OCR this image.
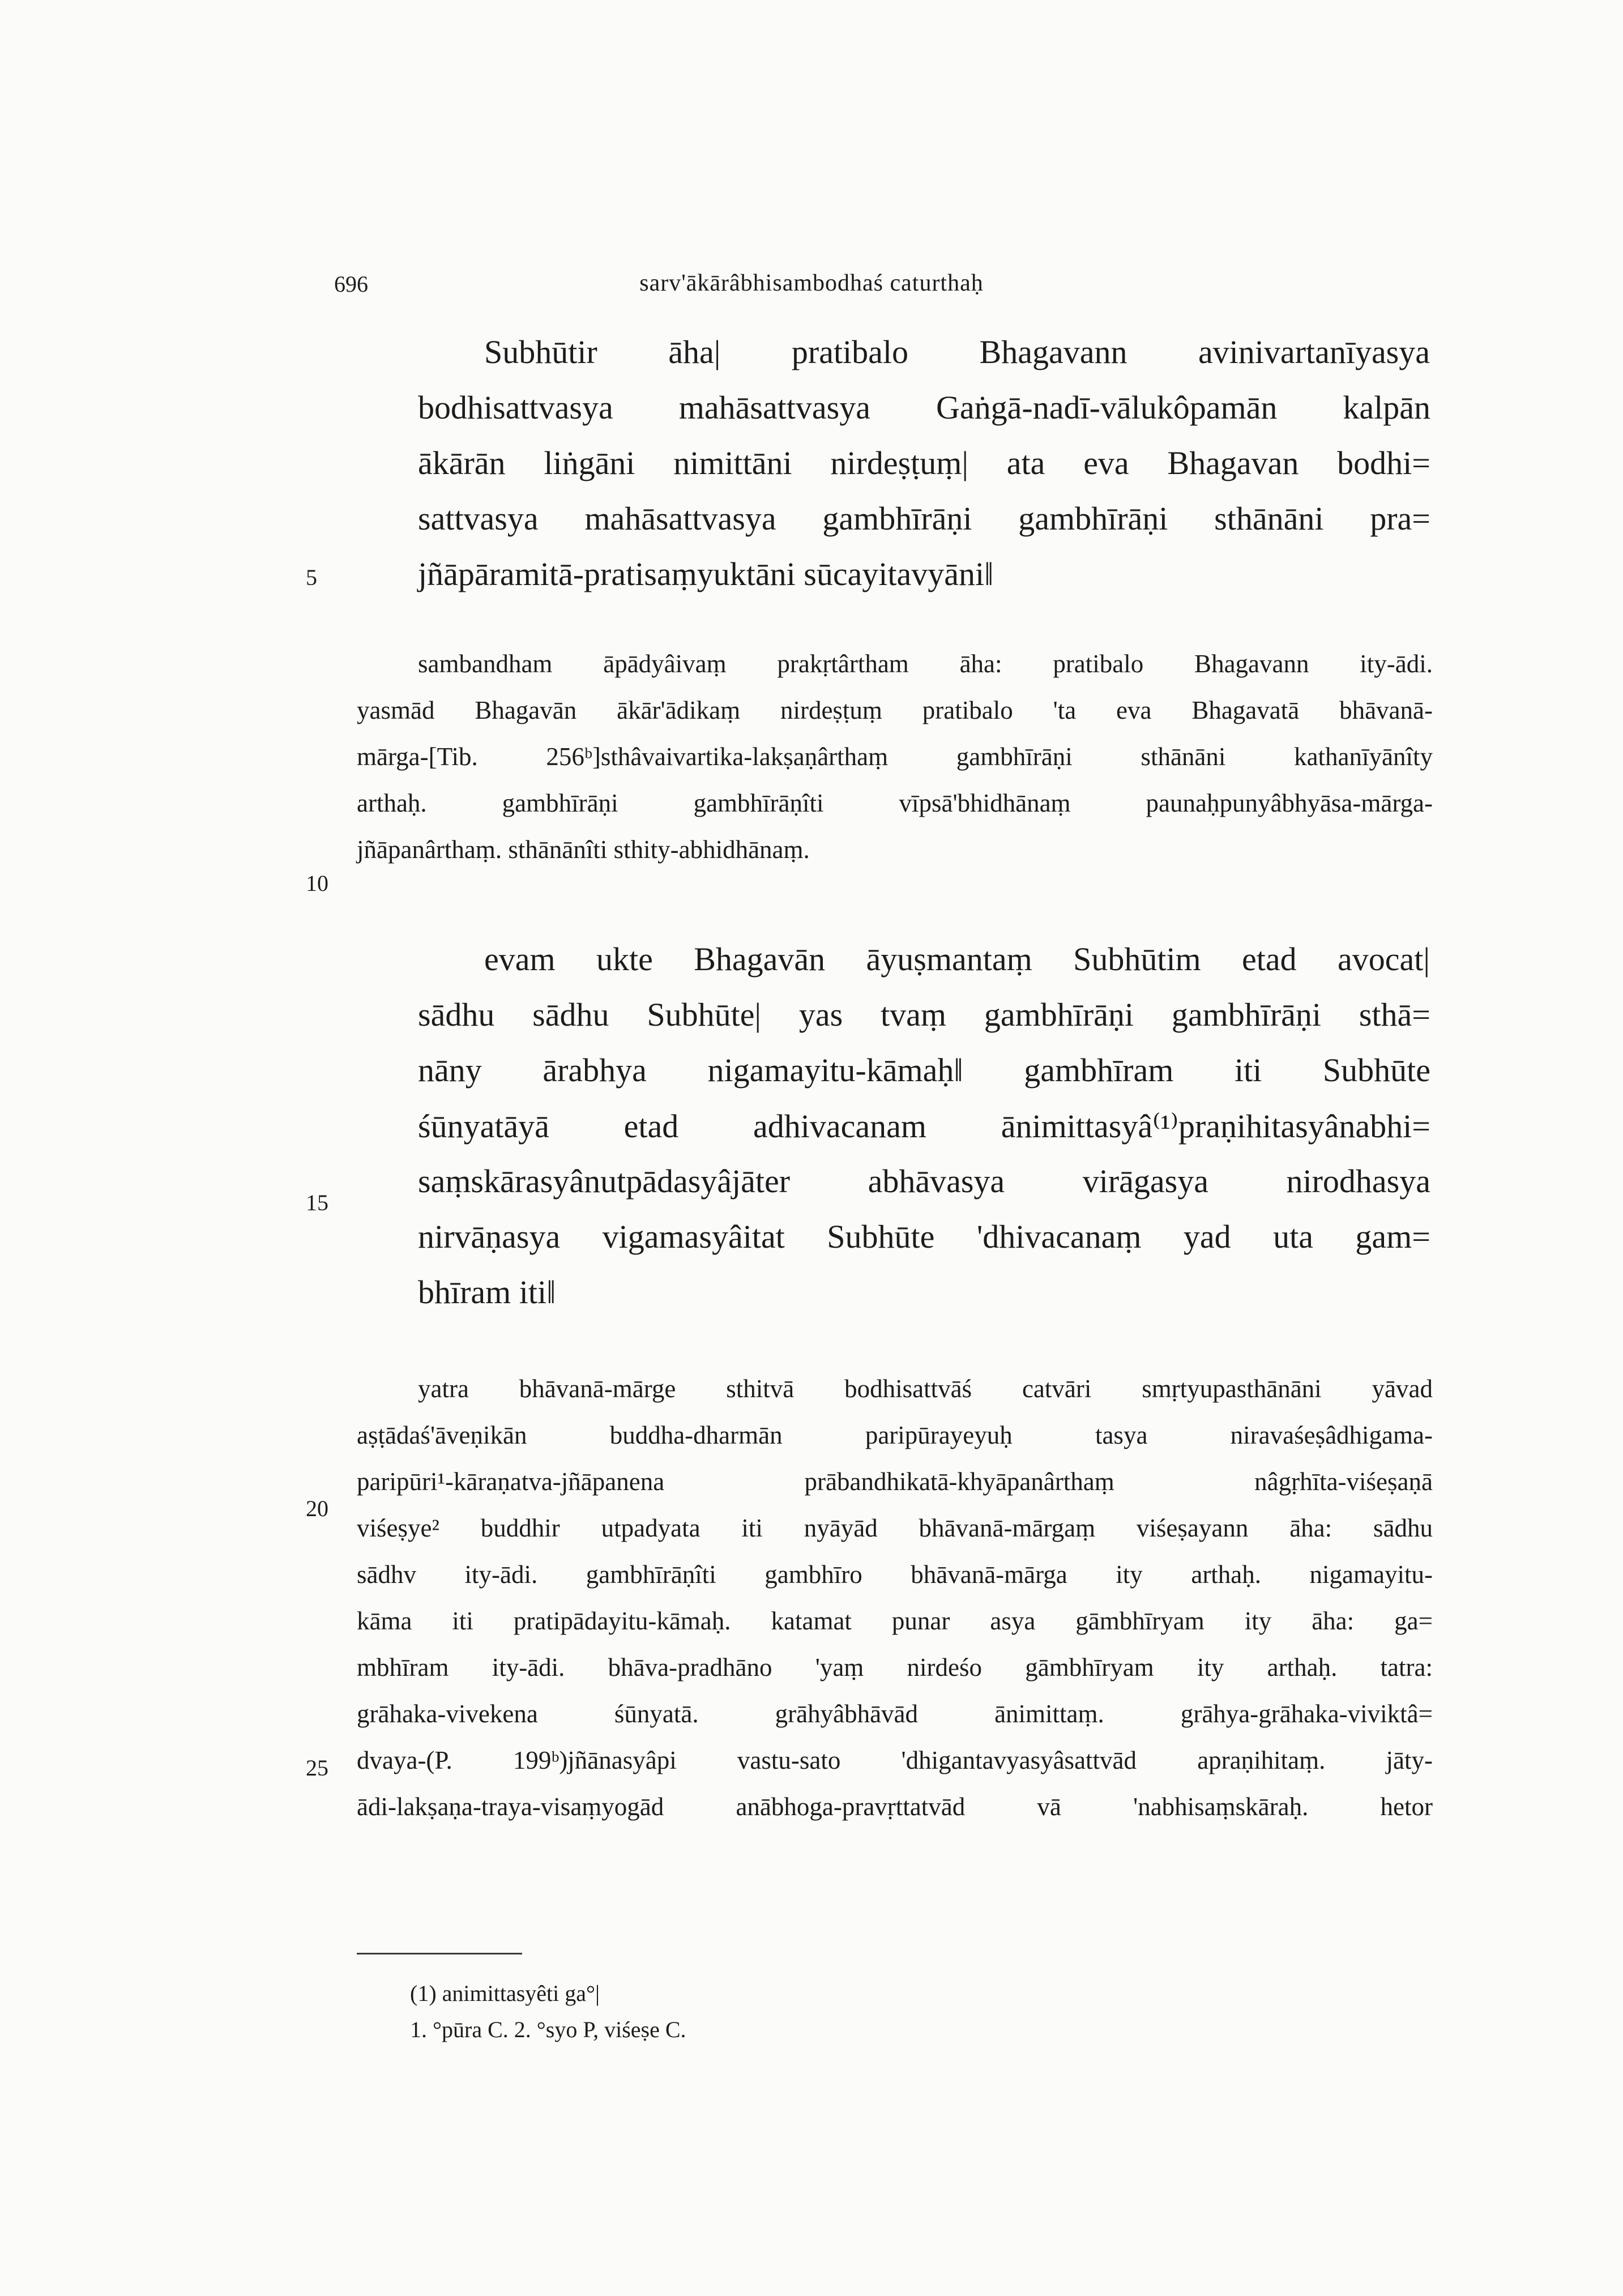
696	sarv'ākārâbhisambodhaś caturthaḥ
Subhūtir āha| pratibalo Bhagavann avinivartanīyasya
bodhisattvasya mahāsattvasya Gaṅgā-nadī-vālukôpamān kalpān
ākārān liṅgāni nimittāni nirdeṣṭuṃ| ata eva Bhagavan bodhi=
sattvasya mahāsattvasya gambhīrāṇi gambhīrāṇi sthānāni pra=
jñāpāramitā-pratisaṃyuktāni sūcayitavyāni‖
5
sambandham āpādyâivaṃ prakṛtârtham āha: pratibalo Bhagavann ity-ādi.
yasmād Bhagavān ākār'ādikaṃ nirdeṣṭuṃ pratibalo 'ta eva Bhagavatā bhāvanā-
mārga-[Tib. 256ᵇ]sthâvaivartika-lakṣaṇârthaṃ gambhīrāṇi sthānāni kathanīyānîty
arthaḥ. gambhīrāṇi gambhīrāṇîti vīpsā'bhidhānaṃ paunaḥpunyâbhyāsa-mārga-
jñāpanârthaṃ. sthānānîti sthity-abhidhānaṃ.
10
evam ukte Bhagavān āyuṣmantaṃ Subhūtim etad avocat|
sādhu sādhu Subhūte| yas tvaṃ gambhīrāṇi gambhīrāṇi sthā=
nāny ārabhya nigamayitu-kāmaḥ‖ gambhīram iti Subhūte
śūnyatāyā etad adhivacanam ānimittasyâ⁽¹⁾praṇihitasyânabhi=
saṃskārasyânutpādasyâjāter abhāvasya virāgasya nirodhasya
15
nirvāṇasya vigamasyâitat Subhūte 'dhivacanaṃ yad uta gam=
bhīram iti‖
yatra bhāvanā-mārge sthitvā bodhisattvāś catvāri smṛtyupasthānāni yāvad
aṣṭādaś'āveṇikān buddha-dharmān paripūrayeyuḥ tasya niravaśeṣâdhigama-
paripūri¹-kāraṇatva-jñāpanena prābandhikatā-khyāpanârthaṃ nâgṛhīta-viśeṣaṇā
20
viśeṣye² buddhir utpadyata iti nyāyād bhāvanā-mārgaṃ viśeṣayann āha: sādhu
sādhv ity-ādi. gambhīrāṇîti gambhīro bhāvanā-mārga ity arthaḥ. nigamayitu-
kāma iti pratipādayitu-kāmaḥ. katamat punar asya gāmbhīryam ity āha: ga=
mbhīram ity-ādi. bhāva-pradhāno 'yaṃ nirdeśo gāmbhīryam ity arthaḥ. tatra:
grāhaka-vivekena śūnyatā. grāhyâbhāvād ānimittaṃ. grāhya-grāhaka-viviktâ=
25 dvaya-(P. 199ᵇ)jñānasyâpi vastu-sato 'dhigantavyasyâsattvād apraṇihitaṃ. jāty-
ādi-lakṣaṇa-traya-visaṃyogād anābhoga-pravṛttatvād vā 'nabhisaṃskāraḥ. hetor
(1) animittasyêti ga°|
1. °pūra C. 2. °syo P, viśeṣe C.
